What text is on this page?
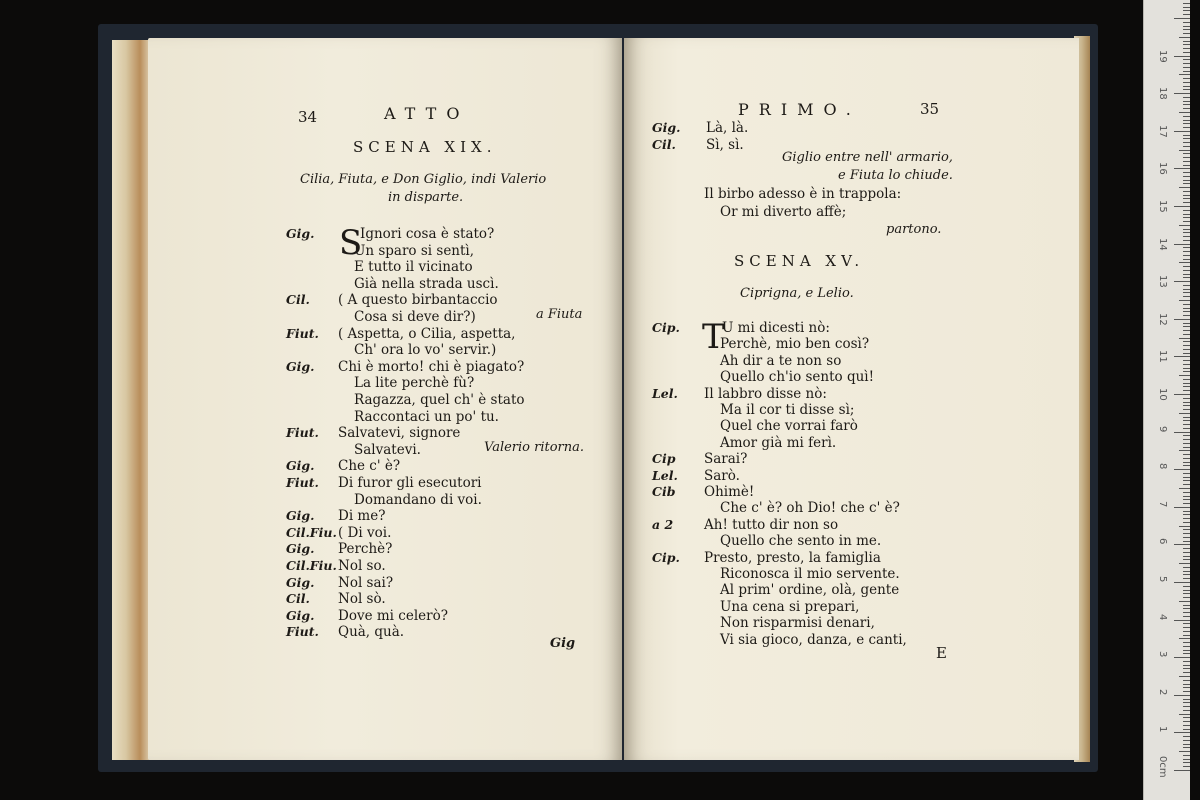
34	ATTO
SCENA XIX.
Cilia, Fiuta, e Don Giglio, indi Valerio
in disparte.
S
Gig.	Ignori cosa è stato?
Un sparo si sentì,
E tutto il vicinato
Già nella strada uscì.
Cil. ( A questo birbantaccio
Cosa si deve dir?)	a Fiuta
Fiut. ( Aspetta, o Cilia, aspetta,
Ch' ora lo vo' servir.)
Gig. Chi è morto! chi è piagato?
La lite perchè fù?
Ragazza, quel ch' è stato
Raccontaci un po' tu.
Fiut. Salvatevi, signore
Salvatevi.	Valerio ritorna.
Gig. Che c' è?
Fiut. Di furor gli esecutori
Domandano di voi.
Gig. Di me?
Cil.Fiu. ( Di voi.
Gig. Perchè?
Cil.Fiu. Nol so.
Gig. Nol sai?
Cil. Nol sò.
Gig. Dove mi celerò?
Fiut. Quà, quà.
Gig
PRIMO.	35
Gig. Là, là.
Cil. Sì, sì.
Giglio entre nell' armario,
e Fiuta lo chiude.
Il birbo adesso è in trappola:
Or mi diverto affè;
partono.
SCENA XV.
Ciprigna, e Lelio.
T
Cip.	U mi dicesti nò:
Perchè, mio ben così?
Ah dir a te non so
Quello ch'io sento quì!
Lel. Il labbro disse nò:
Ma il cor ti disse sì;
Quel che vorrai farò
Amor già mi ferì.
Cip Sarai?
Lel. Sarò.
Cib Ohimè!
Che c' è? oh Dio! che c' è?
a 2 Ah! tutto dir non so
Quello che sento in me.
Cip. Presto, presto, la famiglia
Riconosca il mio servente.
Al prim' ordine, olà, gente
Una cena si prepari,
Non risparmisi denari,
Vi sia gioco, danza, e canti,
E
1
2
3
4
5
6
7
8
9
10
11
12
13
14
15
16
17
18
19
0cm
